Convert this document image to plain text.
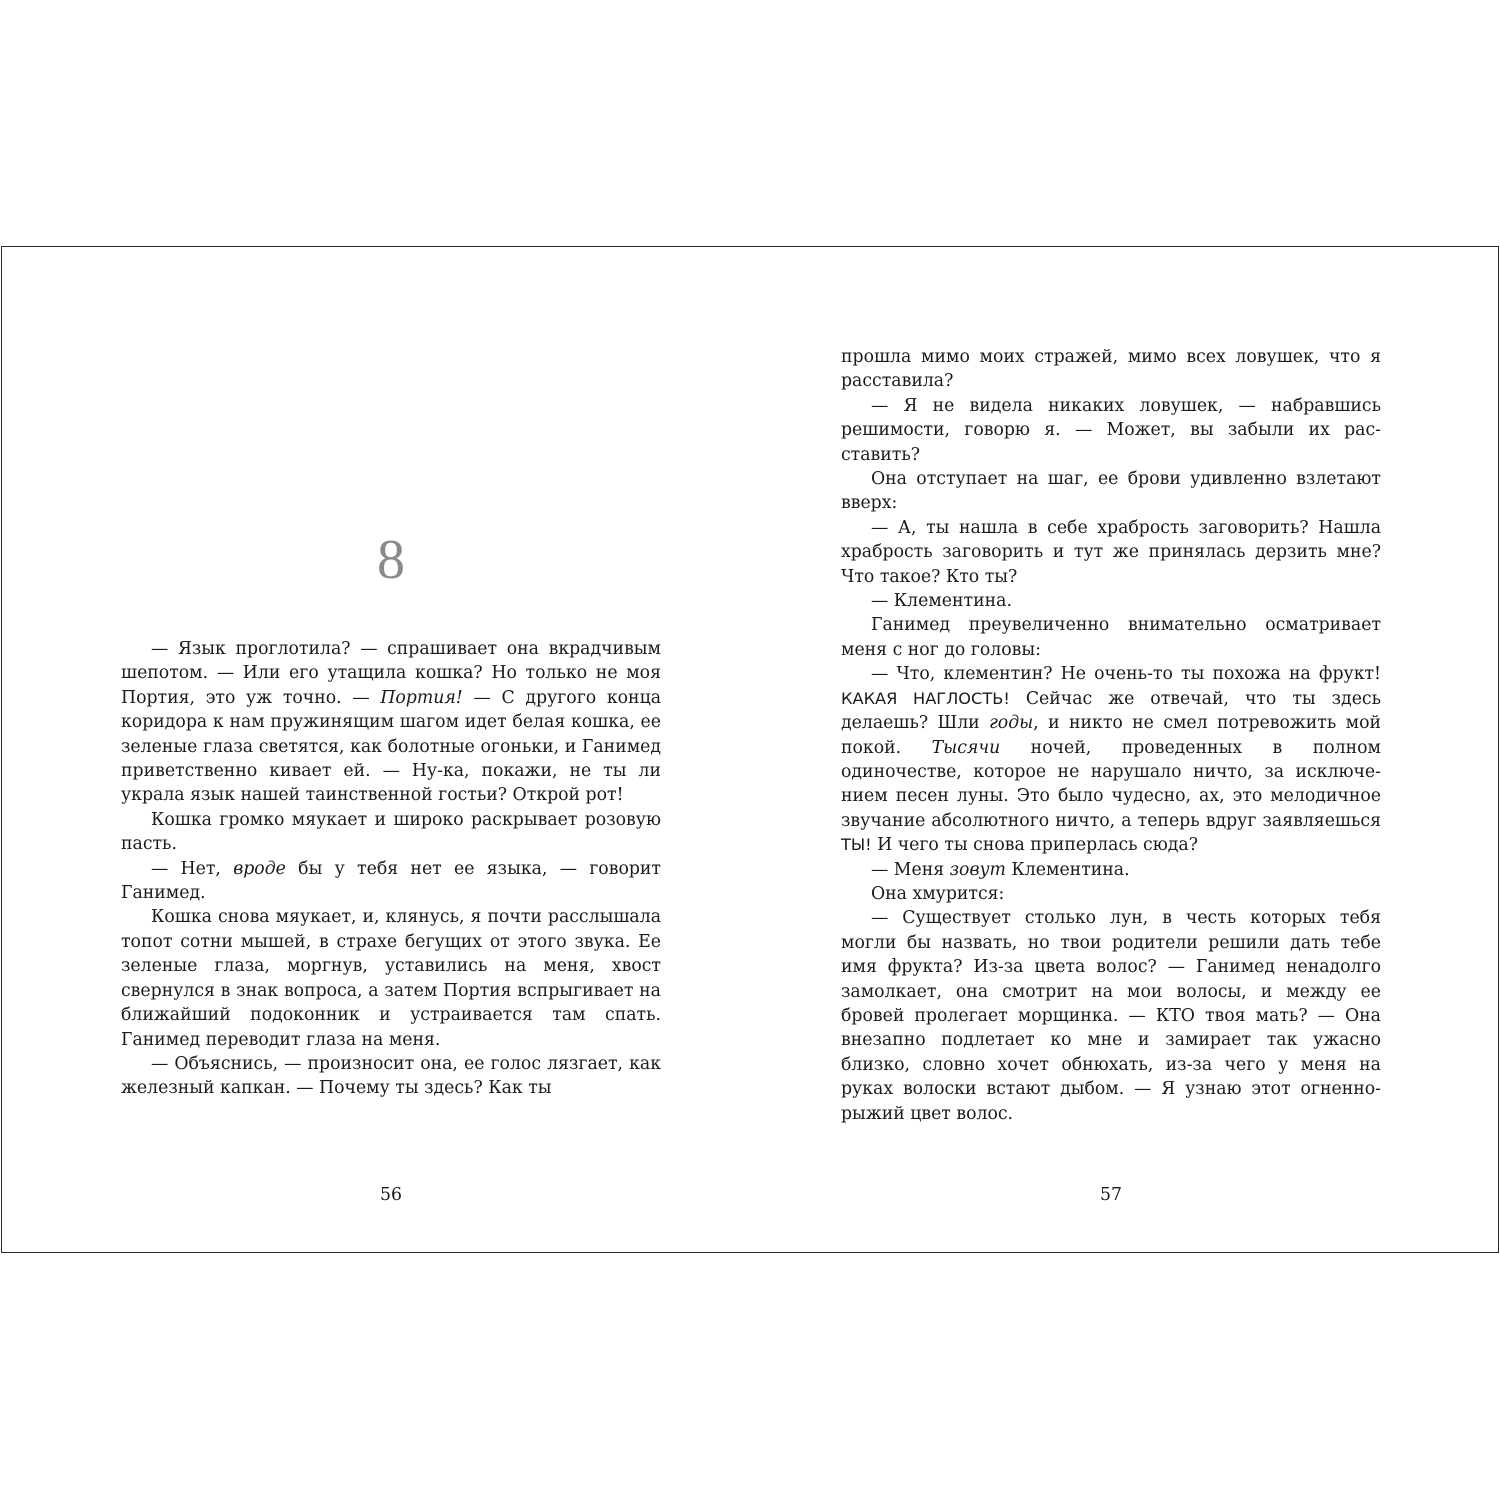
8

— Язык проглотила? — спрашивает она вкрадчивым шепотом. — Или его утащила кошка? Но только не моя Портия, это уж точно. — Портия! — С другого конца коридора к нам пружинящим шагом идет белая кошка, ее зеленые глаза светятся, как болотные огоньки, и Ганимед приветственно кивает ей. — Ну-ка, покажи, не ты ли украла язык нашей таинственной гостьи? Открой рот!

Кошка громко мяукает и широко раскрывает розовую пасть.

— Нет, вроде бы у тебя нет ее языка, — говорит Ганимед.

Кошка снова мяукает, и, клянусь, я почти расслышала топот сотни мышей, в страхе бегущих от этого звука. Ее зеленые глаза, моргнув, уставились на меня, хвост свернулся в знак вопроса, а затем Портия вспрыгивает на ближайший подоконник и устраивается там спать. Ганимед переводит глаза на меня.

— Объяснись, — произносит она, ее голос лязгает, как железный капкан. — Почему ты здесь? Как ты

56

прошла мимо моих стражей, мимо всех ловушек, что я расставила?

— Я не видела никаких ловушек, — набравшись решимости, говорю я. — Может, вы забыли их расставить?

Она отступает на шаг, ее брови удивленно взлетают вверх:

— А, ты нашла в себе храбрость заговорить? Нашла храбрость заговорить и тут же принялась дерзить мне? Что такое? Кто ты?

— Клементина.

Ганимед преувеличенно внимательно осматривает меня с ног до головы:

— Что, клементин? Не очень-то ты похожа на фрукт! КАКАЯ НАГЛОСТЬ! Сейчас же отвечай, что ты здесь делаешь? Шли годы, и никто не смел потревожить мой покой. Тысячи ночей, проведенных в полном одиночестве, которое не нарушало ничто, за исключением песен луны. Это было чудесно, ах, это мелодичное звучание абсолютного ничто, а теперь вдруг заявляешься ТЫ! И чего ты снова приперлась сюда?

— Меня зовут Клементина.

Она хмурится:

— Существует столько лун, в честь которых тебя могли бы назвать, но твои родители решили дать тебе имя фрукта? Из-за цвета волос? — Ганимед ненадолго замолкает, она смотрит на мои волосы, и между ее бровей пролегает морщинка. — КТО твоя мать? — Она внезапно подлетает ко мне и замирает так ужасно близко, словно хочет обнюхать, из-за чего у меня на руках волоски встают дыбом. — Я узнаю этот огненно-рыжий цвет волос.

57
